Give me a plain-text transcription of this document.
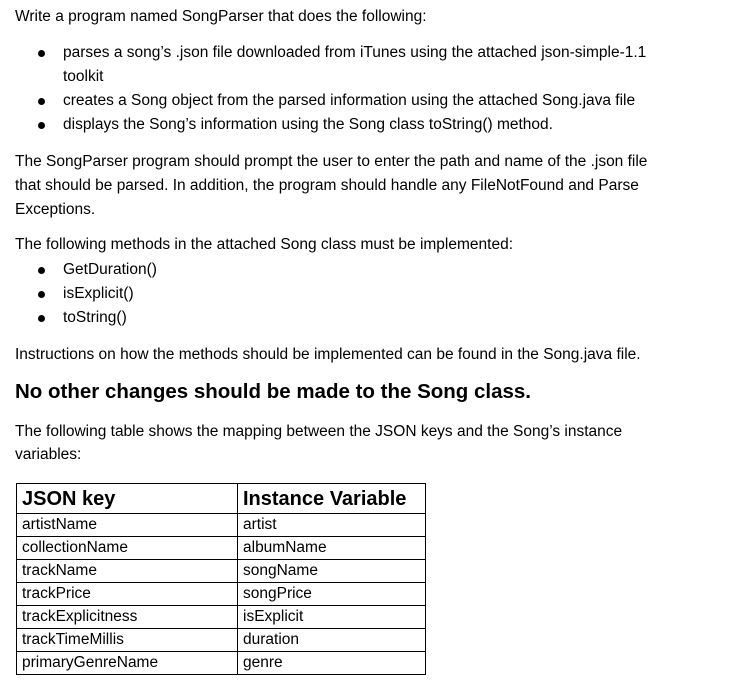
Write a program named SongParser that does the following:

parses a song’s .json file downloaded from iTunes using the attached json-simple-1.1
toolkit
creates a Song object from the parsed information using the attached Song.java file
displays the Song’s information using the Song class toString() method.

The SongParser program should prompt the user to enter the path and name of the .json file

that should be parsed. In addition, the program should handle any FileNotFound and Parse

Exceptions.

The following methods in the attached Song class must be implemented:

GetDuration()
isExplicit()
toString()

Instructions on how the methods should be implemented can be found in the Song.java file.

No other changes should be made to the Song class.

The following table shows the mapping between the JSON keys and the Song’s instance

variables:

JSON key	Instance Variable
artistName	artist
collectionName	albumName
trackName	songName
trackPrice	songPrice
trackExplicitness	isExplicit
trackTimeMillis	duration
primaryGenreName	genre
